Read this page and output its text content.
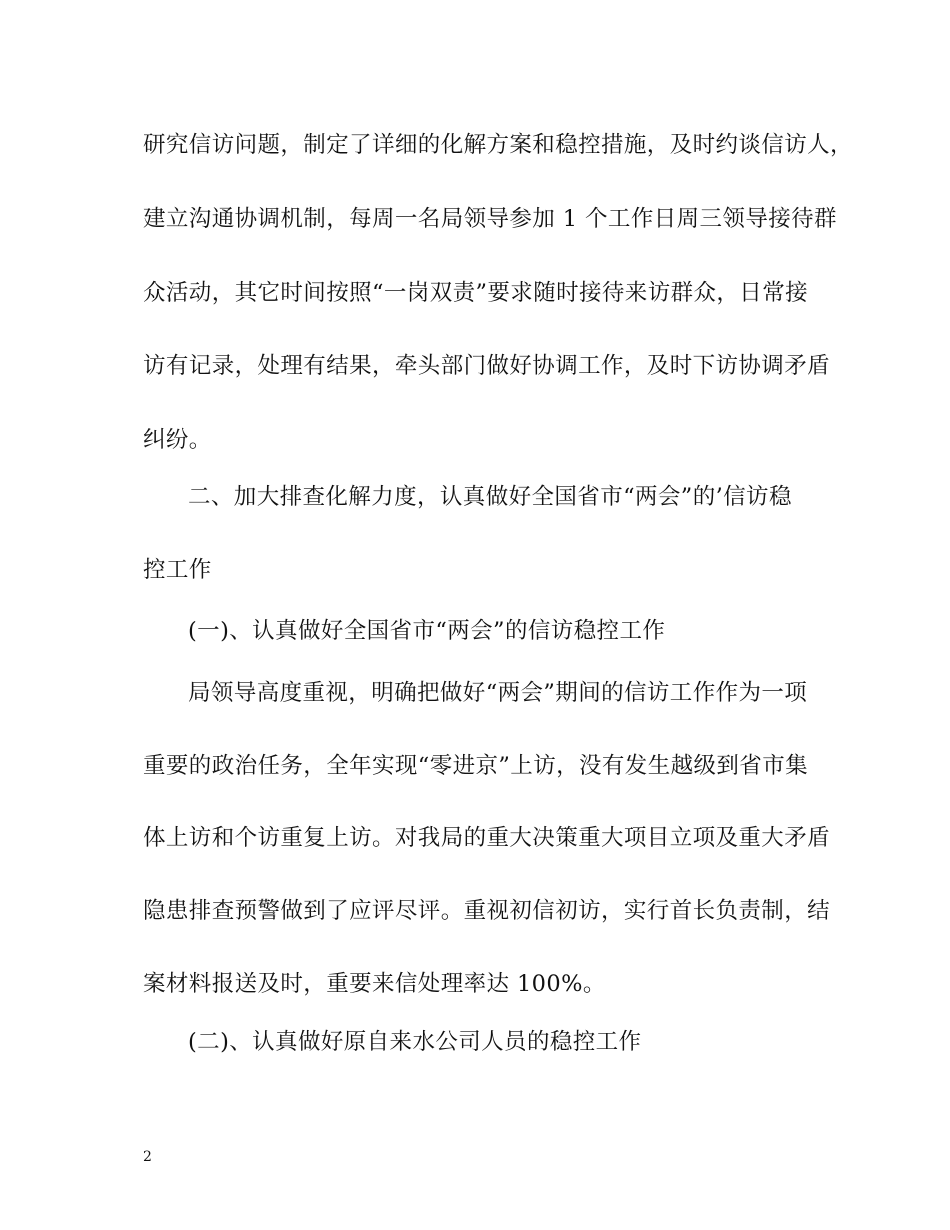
研究信访问题，制定了详细的化解方案和稳控措施，及时约谈信访人，
建立沟通协调机制，每周一名局领导参加 1 个工作日周三领导接待群
众活动，其它时间按照“一岗双责”要求随时接待来访群众，日常接
访有记录，处理有结果，牵头部门做好协调工作，及时下访协调矛盾
纠纷。
二、加大排查化解力度，认真做好全国省市“两会”的’信访稳
控工作
(一)、认真做好全国省市“两会”的信访稳控工作
局领导高度重视，明确把做好“两会”期间的信访工作作为一项
重要的政治任务，全年实现“零进京”上访，没有发生越级到省市集
体上访和个访重复上访。对我局的重大决策重大项目立项及重大矛盾
隐患排查预警做到了应评尽评。重视初信初访，实行首长负责制，结
案材料报送及时，重要来信处理率达 100%。
(二)、认真做好原自来水公司人员的稳控工作
2
